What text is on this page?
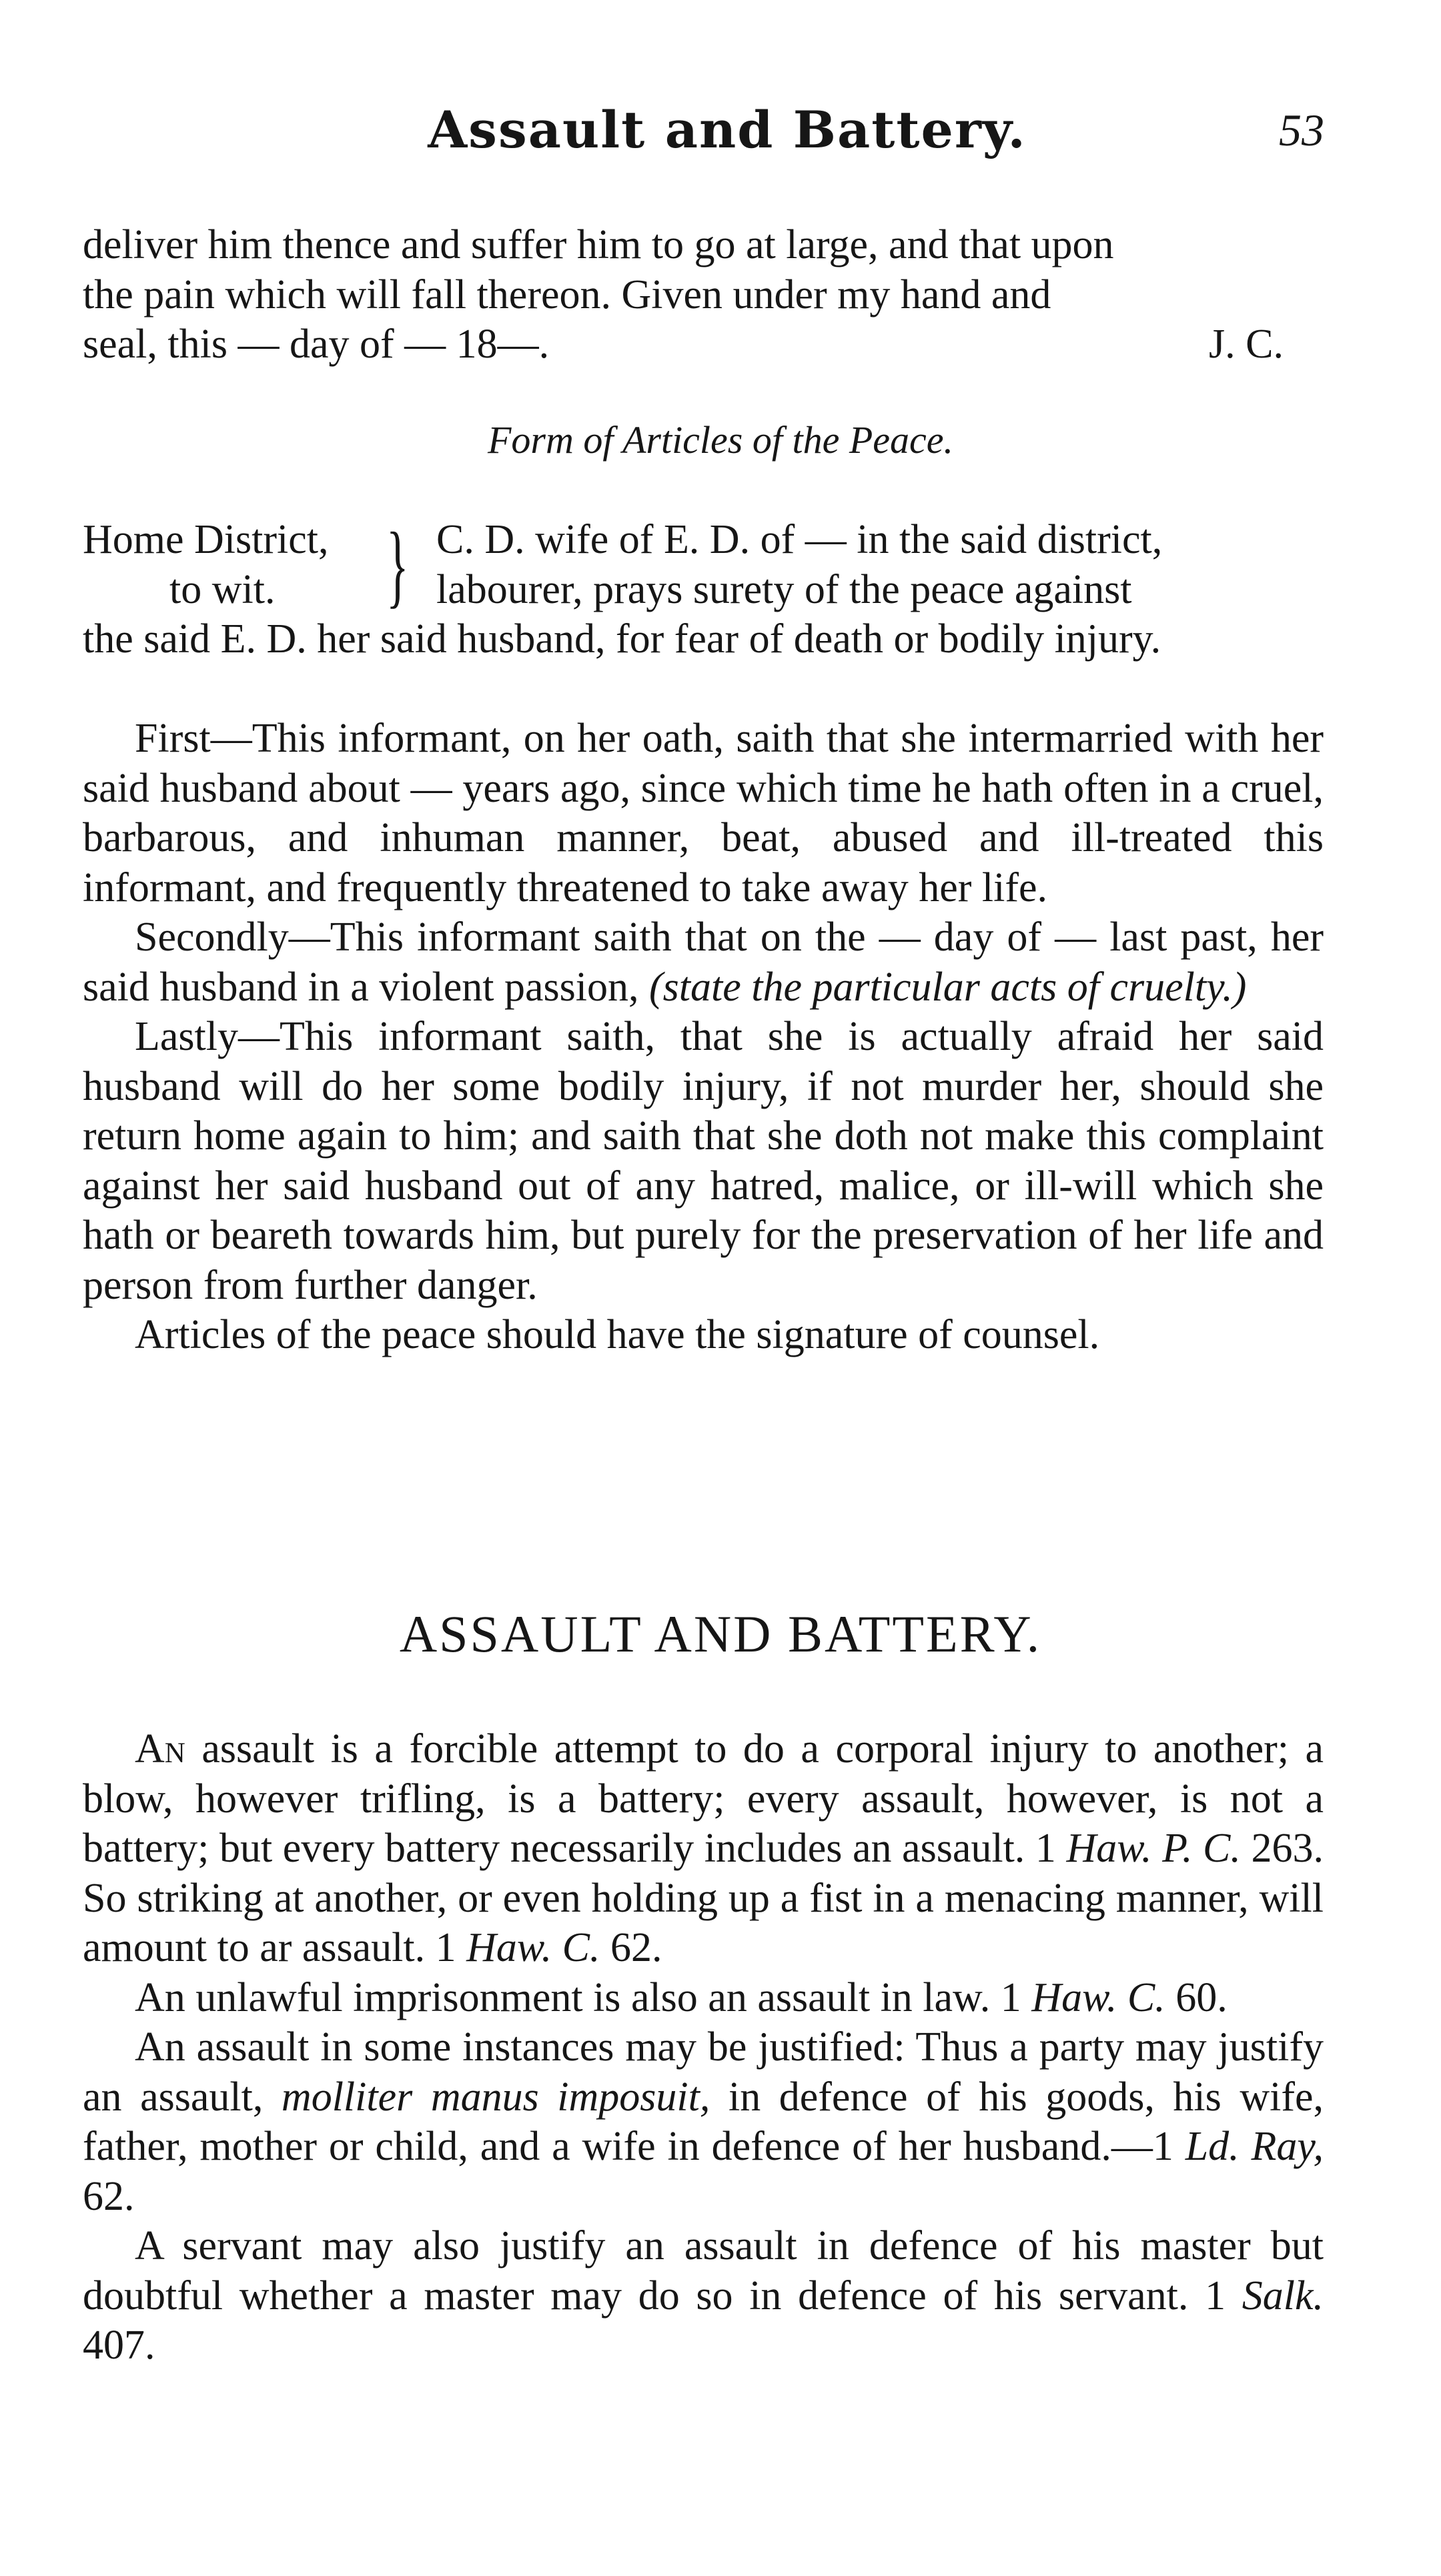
Assault and Battery.	53
deliver him thence and suffer him to go at large, and that upon
the pain which will fall thereon. Given under my hand and
seal, this — day of — 18—.	J. C.
Form of Articles of the Peace.
Home District,
to wit.	} C. D. wife of E. D. of — in the said district,
labourer, prays surety of the peace against
the said E. D. her said husband, for fear of death or bodily injury.

First—This informant, on her oath, saith that she intermarried with her said husband about — years ago, since which time he hath often in a cruel, barbarous, and inhuman manner, beat, abused and ill-treated this informant, and frequently threatened to take away her life.

Secondly—This informant saith that on the — day of — last past, her said husband in a violent passion, (state the particular acts of cruelty.)

Lastly—This informant saith, that she is actually afraid her said husband will do her some bodily injury, if not murder her, should she return home again to him; and saith that she doth not make this complaint against her said husband out of any hatred, malice, or ill-will which she hath or beareth towards him, but purely for the preservation of her life and person from further danger.

Articles of the peace should have the signature of counsel.

ASSAULT AND BATTERY.

An assault is a forcible attempt to do a corporal injury to another; a blow, however trifling, is a battery; every assault, however, is not a battery; but every battery necessarily includes an assault. 1 Haw. P. C. 263. So striking at another, or even holding up a fist in a menacing manner, will amount to ar assault. 1 Haw. C. 62.

An unlawful imprisonment is also an assault in law. 1 Haw. C. 60.

An assault in some instances may be justified: Thus a party may justify an assault, molliter manus imposuit, in defence of his goods, his wife, father, mother or child, and a wife in defence of her husband.—1 Ld. Ray, 62.

A servant may also justify an assault in defence of his master but doubtful whether a master may do so in defence of his servant. 1 Salk. 407.
